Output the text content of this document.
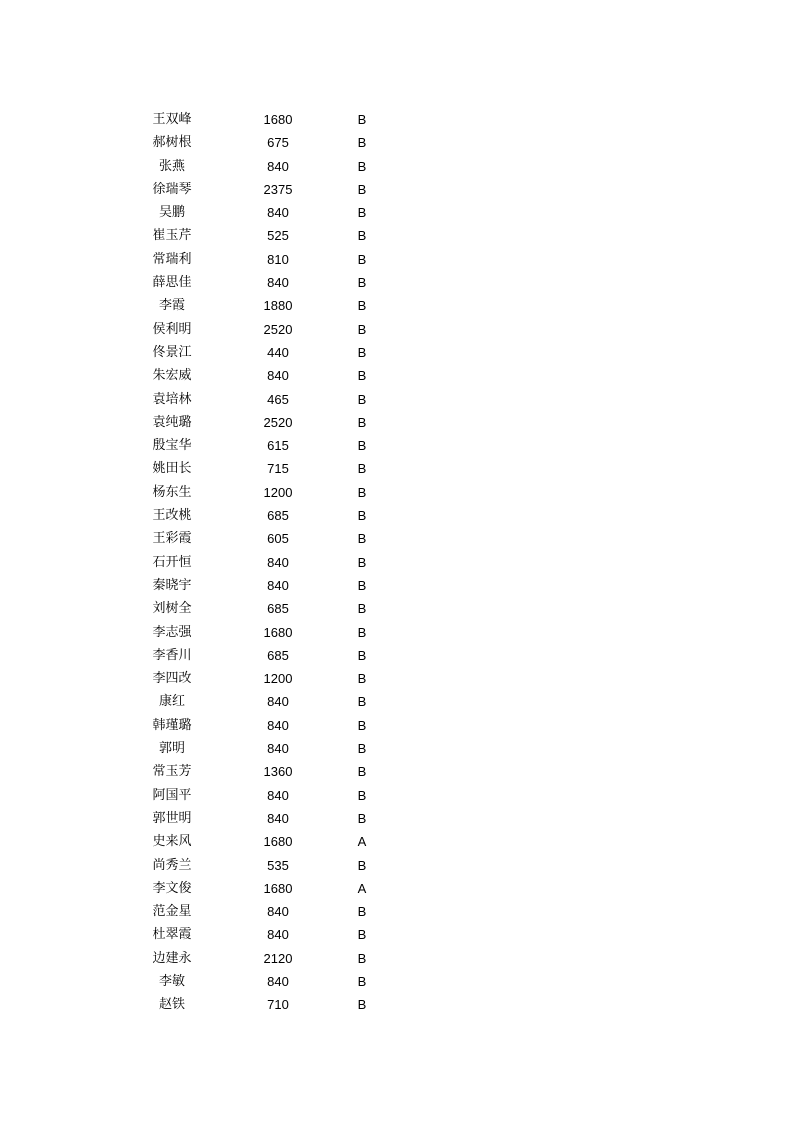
王双峰	1680	B
郝树根	675	B
张燕	840	B
徐瑞琴	2375	B
吴鹏	840	B
崔玉芹	525	B
常瑞利	810	B
薛思佳	840	B
李霞	1880	B
侯利明	2520	B
佟景江	440	B
朱宏威	840	B
袁培林	465	B
袁纯璐	2520	B
殷宝华	615	B
姚田长	715	B
杨东生	1200	B
王改桃	685	B
王彩霞	605	B
石开恒	840	B
秦晓宇	840	B
刘树全	685	B
李志强	1680	B
李香川	685	B
李四改	1200	B
康红	840	B
韩瑾璐	840	B
郭明	840	B
常玉芳	1360	B
阿国平	840	B
郭世明	840	B
史来风	1680	A
尚秀兰	535	B
李文俊	1680	A
范金星	840	B
杜翠霞	840	B
边建永	2120	B
李敏	840	B
赵铁	710	B
